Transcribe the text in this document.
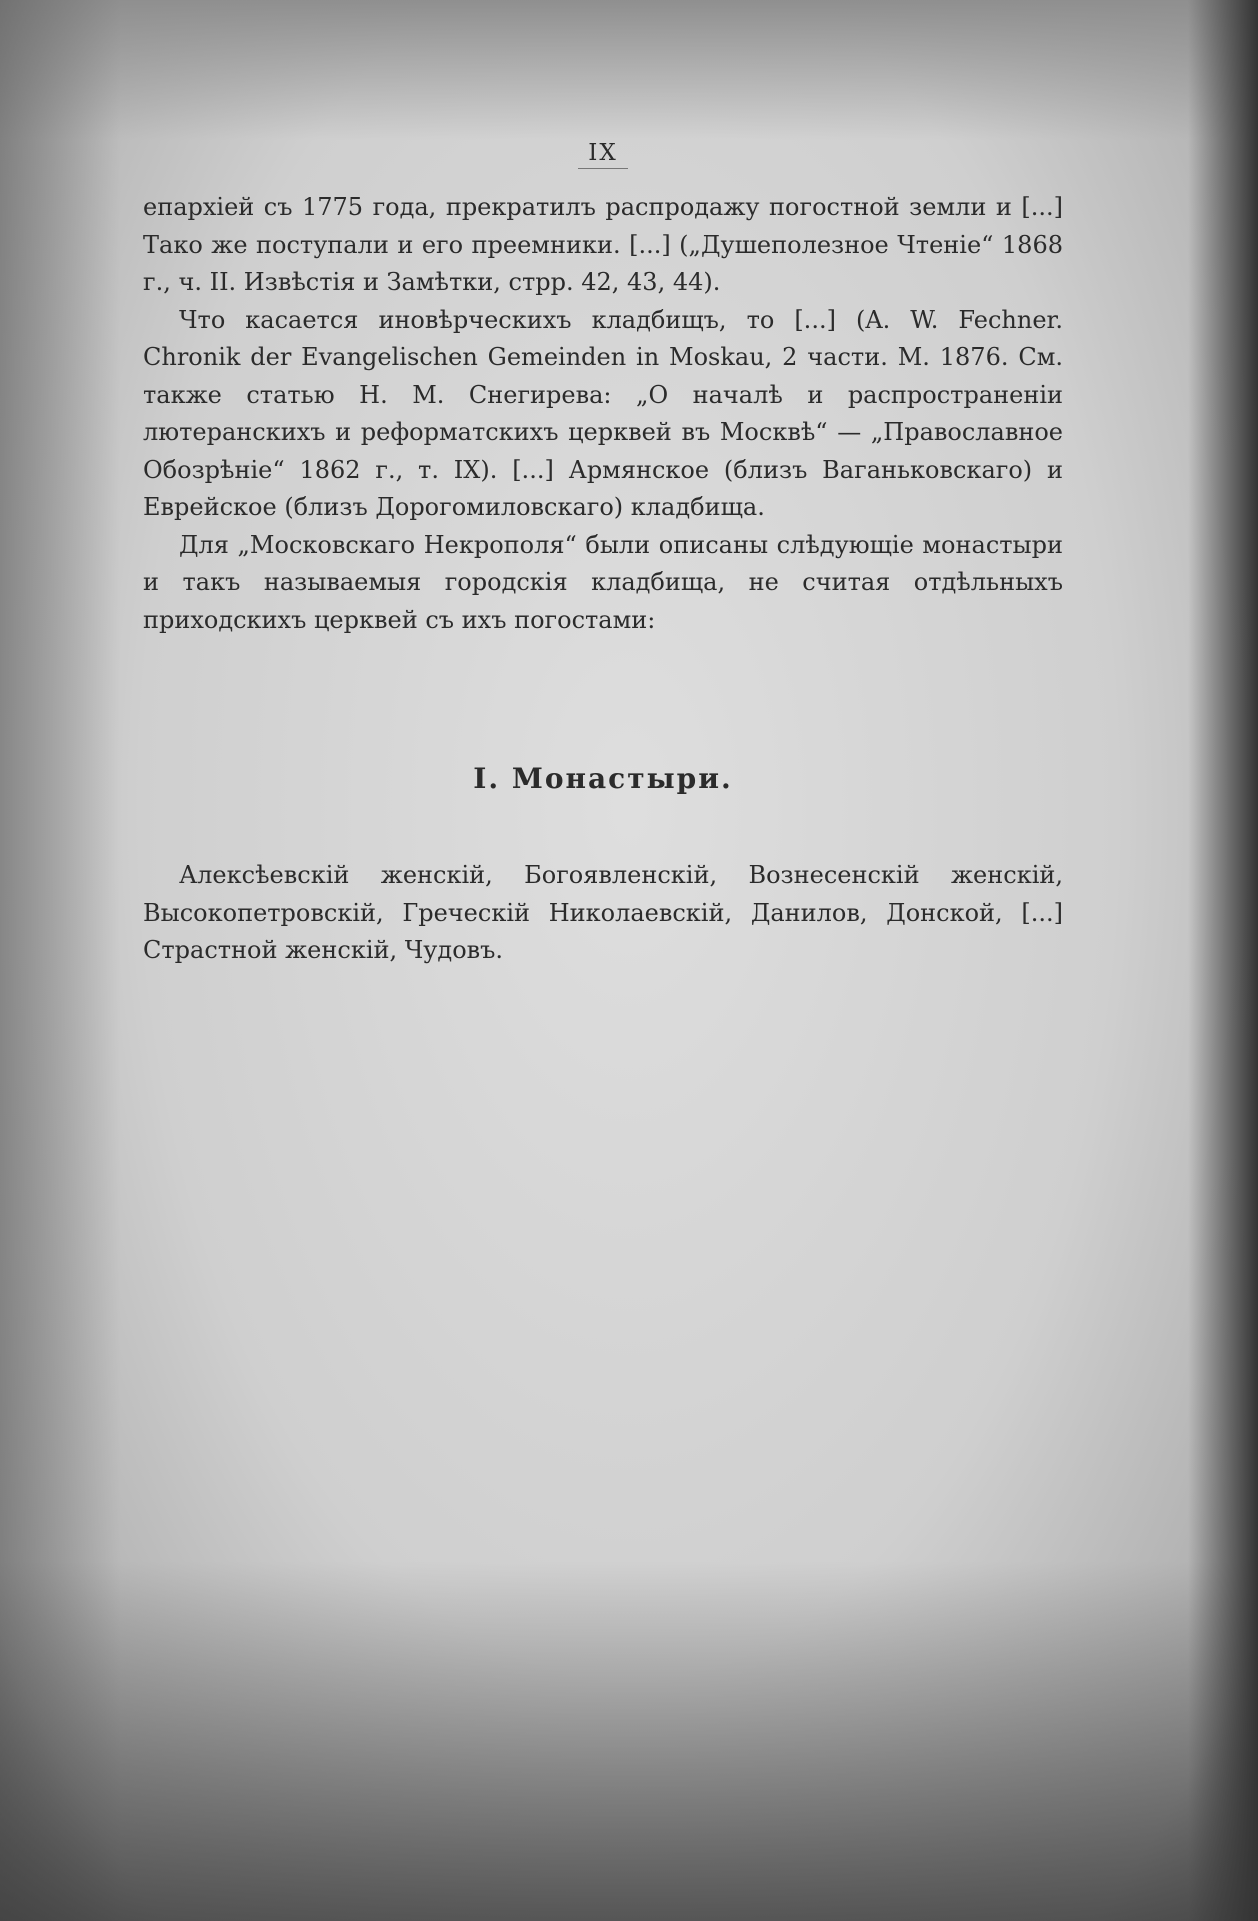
IX

епархіей съ 1775 года, прекратилъ распродажу погостной земли и [...] Тако же поступали и его преемники. [...] („Душеполезное Чтеніе“ 1868 г., ч. II. Извѣстія и Замѣтки, стрр. 42, 43, 44).

Что касается иновѣрческихъ кладбищъ, то [...] (A. W. Fechner. Chronik der Evangelischen Gemeinden in Moskau, 2 части. М. 1876. См. также статью Н. М. Снегирева: „О началѣ и распространеніи лютеранскихъ и реформатскихъ церквей въ Москвѣ“ — „Православное Обозрѣніе“ 1862 г., т. IX). [...] Армянское (близъ Ваганьковскаго) и Еврейское (близъ Дорогомиловскаго) кладбища.

Для „Московскаго Некрополя“ были описаны слѣдующіе монастыри и такъ называемыя городскія кладбища, не считая отдѣльныхъ приходскихъ церквей съ ихъ погостами:

I. Монастыри.

Алексѣевскій женскій, Богоявленскій, Вознесенскій женскій, Высокопетровскій, Греческій Николаевскій, Данилов, Донской, [...] Страстной женскій, Чудовъ.
